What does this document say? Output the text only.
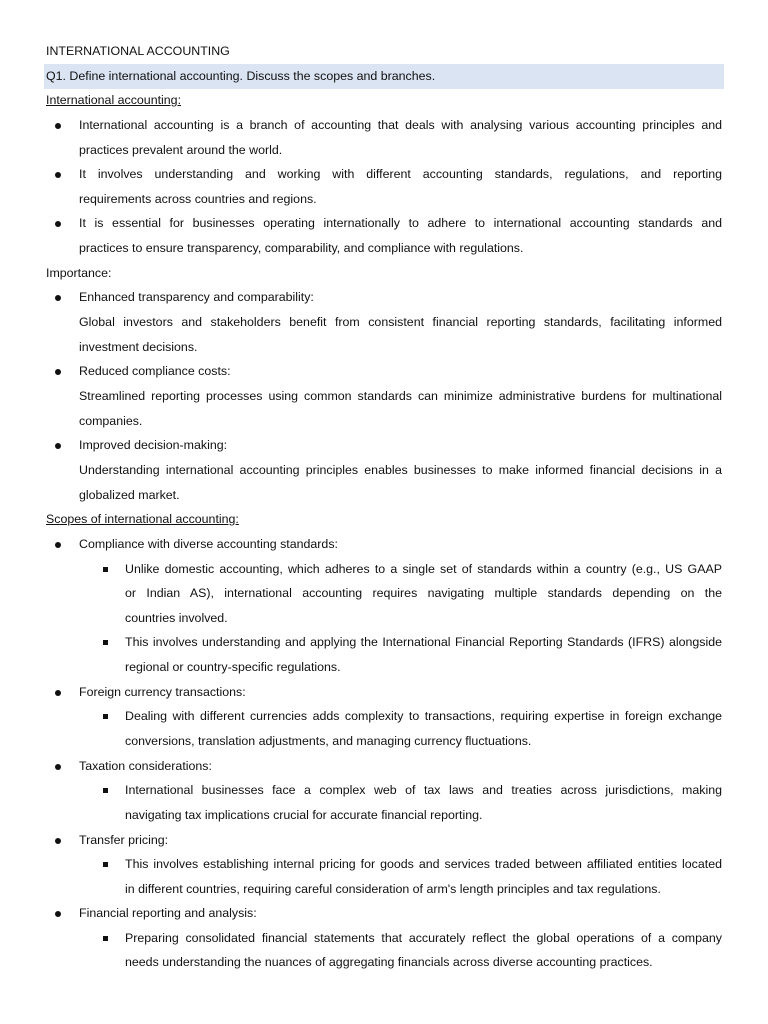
INTERNATIONAL ACCOUNTING
Q1. Define international accounting. Discuss the scopes and branches.
International accounting:
International accounting is a branch of accounting that deals with analysing various accounting principles and
practices prevalent around the world.
It involves understanding and working with different accounting standards, regulations, and reporting
requirements across countries and regions.
It is essential for businesses operating internationally to adhere to international accounting standards and
practices to ensure transparency, comparability, and compliance with regulations.
Importance:
Enhanced transparency and comparability:
Global investors and stakeholders benefit from consistent financial reporting standards, facilitating informed
investment decisions.
Reduced compliance costs:
Streamlined reporting processes using common standards can minimize administrative burdens for multinational
companies.
Improved decision-making:
Understanding international accounting principles enables businesses to make informed financial decisions in a
globalized market.
Scopes of international accounting:
Compliance with diverse accounting standards:
Unlike domestic accounting, which adheres to a single set of standards within a country (e.g., US GAAP
or Indian AS), international accounting requires navigating multiple standards depending on the
countries involved.
This involves understanding and applying the International Financial Reporting Standards (IFRS) alongside
regional or country-specific regulations.
Foreign currency transactions:
Dealing with different currencies adds complexity to transactions, requiring expertise in foreign exchange
conversions, translation adjustments, and managing currency fluctuations.
Taxation considerations:
International businesses face a complex web of tax laws and treaties across jurisdictions, making
navigating tax implications crucial for accurate financial reporting.
Transfer pricing:
This involves establishing internal pricing for goods and services traded between affiliated entities located
in different countries, requiring careful consideration of arm's length principles and tax regulations.
Financial reporting and analysis:
Preparing consolidated financial statements that accurately reflect the global operations of a company
needs understanding the nuances of aggregating financials across diverse accounting practices.
